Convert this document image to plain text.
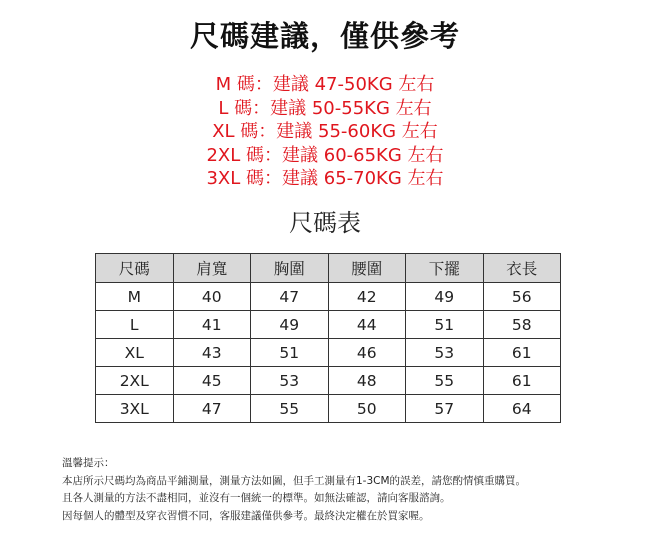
尺碼建議，僅供參考
M 碼：建議 47-50KG 左右
L 碼：建議 50-55KG 左右
XL 碼：建議 55-60KG 左右
2XL 碼：建議 60-65KG 左右
3XL 碼：建議 65-70KG 左右
尺碼表
尺碼	肩寬	胸圍	腰圍	下擺	衣長
M	40	47	42	49	56
L	41	49	44	51	58
XL	43	51	46	53	61
2XL	45	53	48	55	61
3XL	47	55	50	57	64
溫馨提示：
本店所示尺碼均為商品平鋪測量，測量方法如圖，但手工測量有1-3CM的誤差，請您酌情慎重購買。
且各人測量的方法不盡相同，並沒有一個統一的標準。如無法確認，請向客服諮詢。
因每個人的體型及穿衣習慣不同，客服建議僅供參考。最終決定權在於買家喔。
